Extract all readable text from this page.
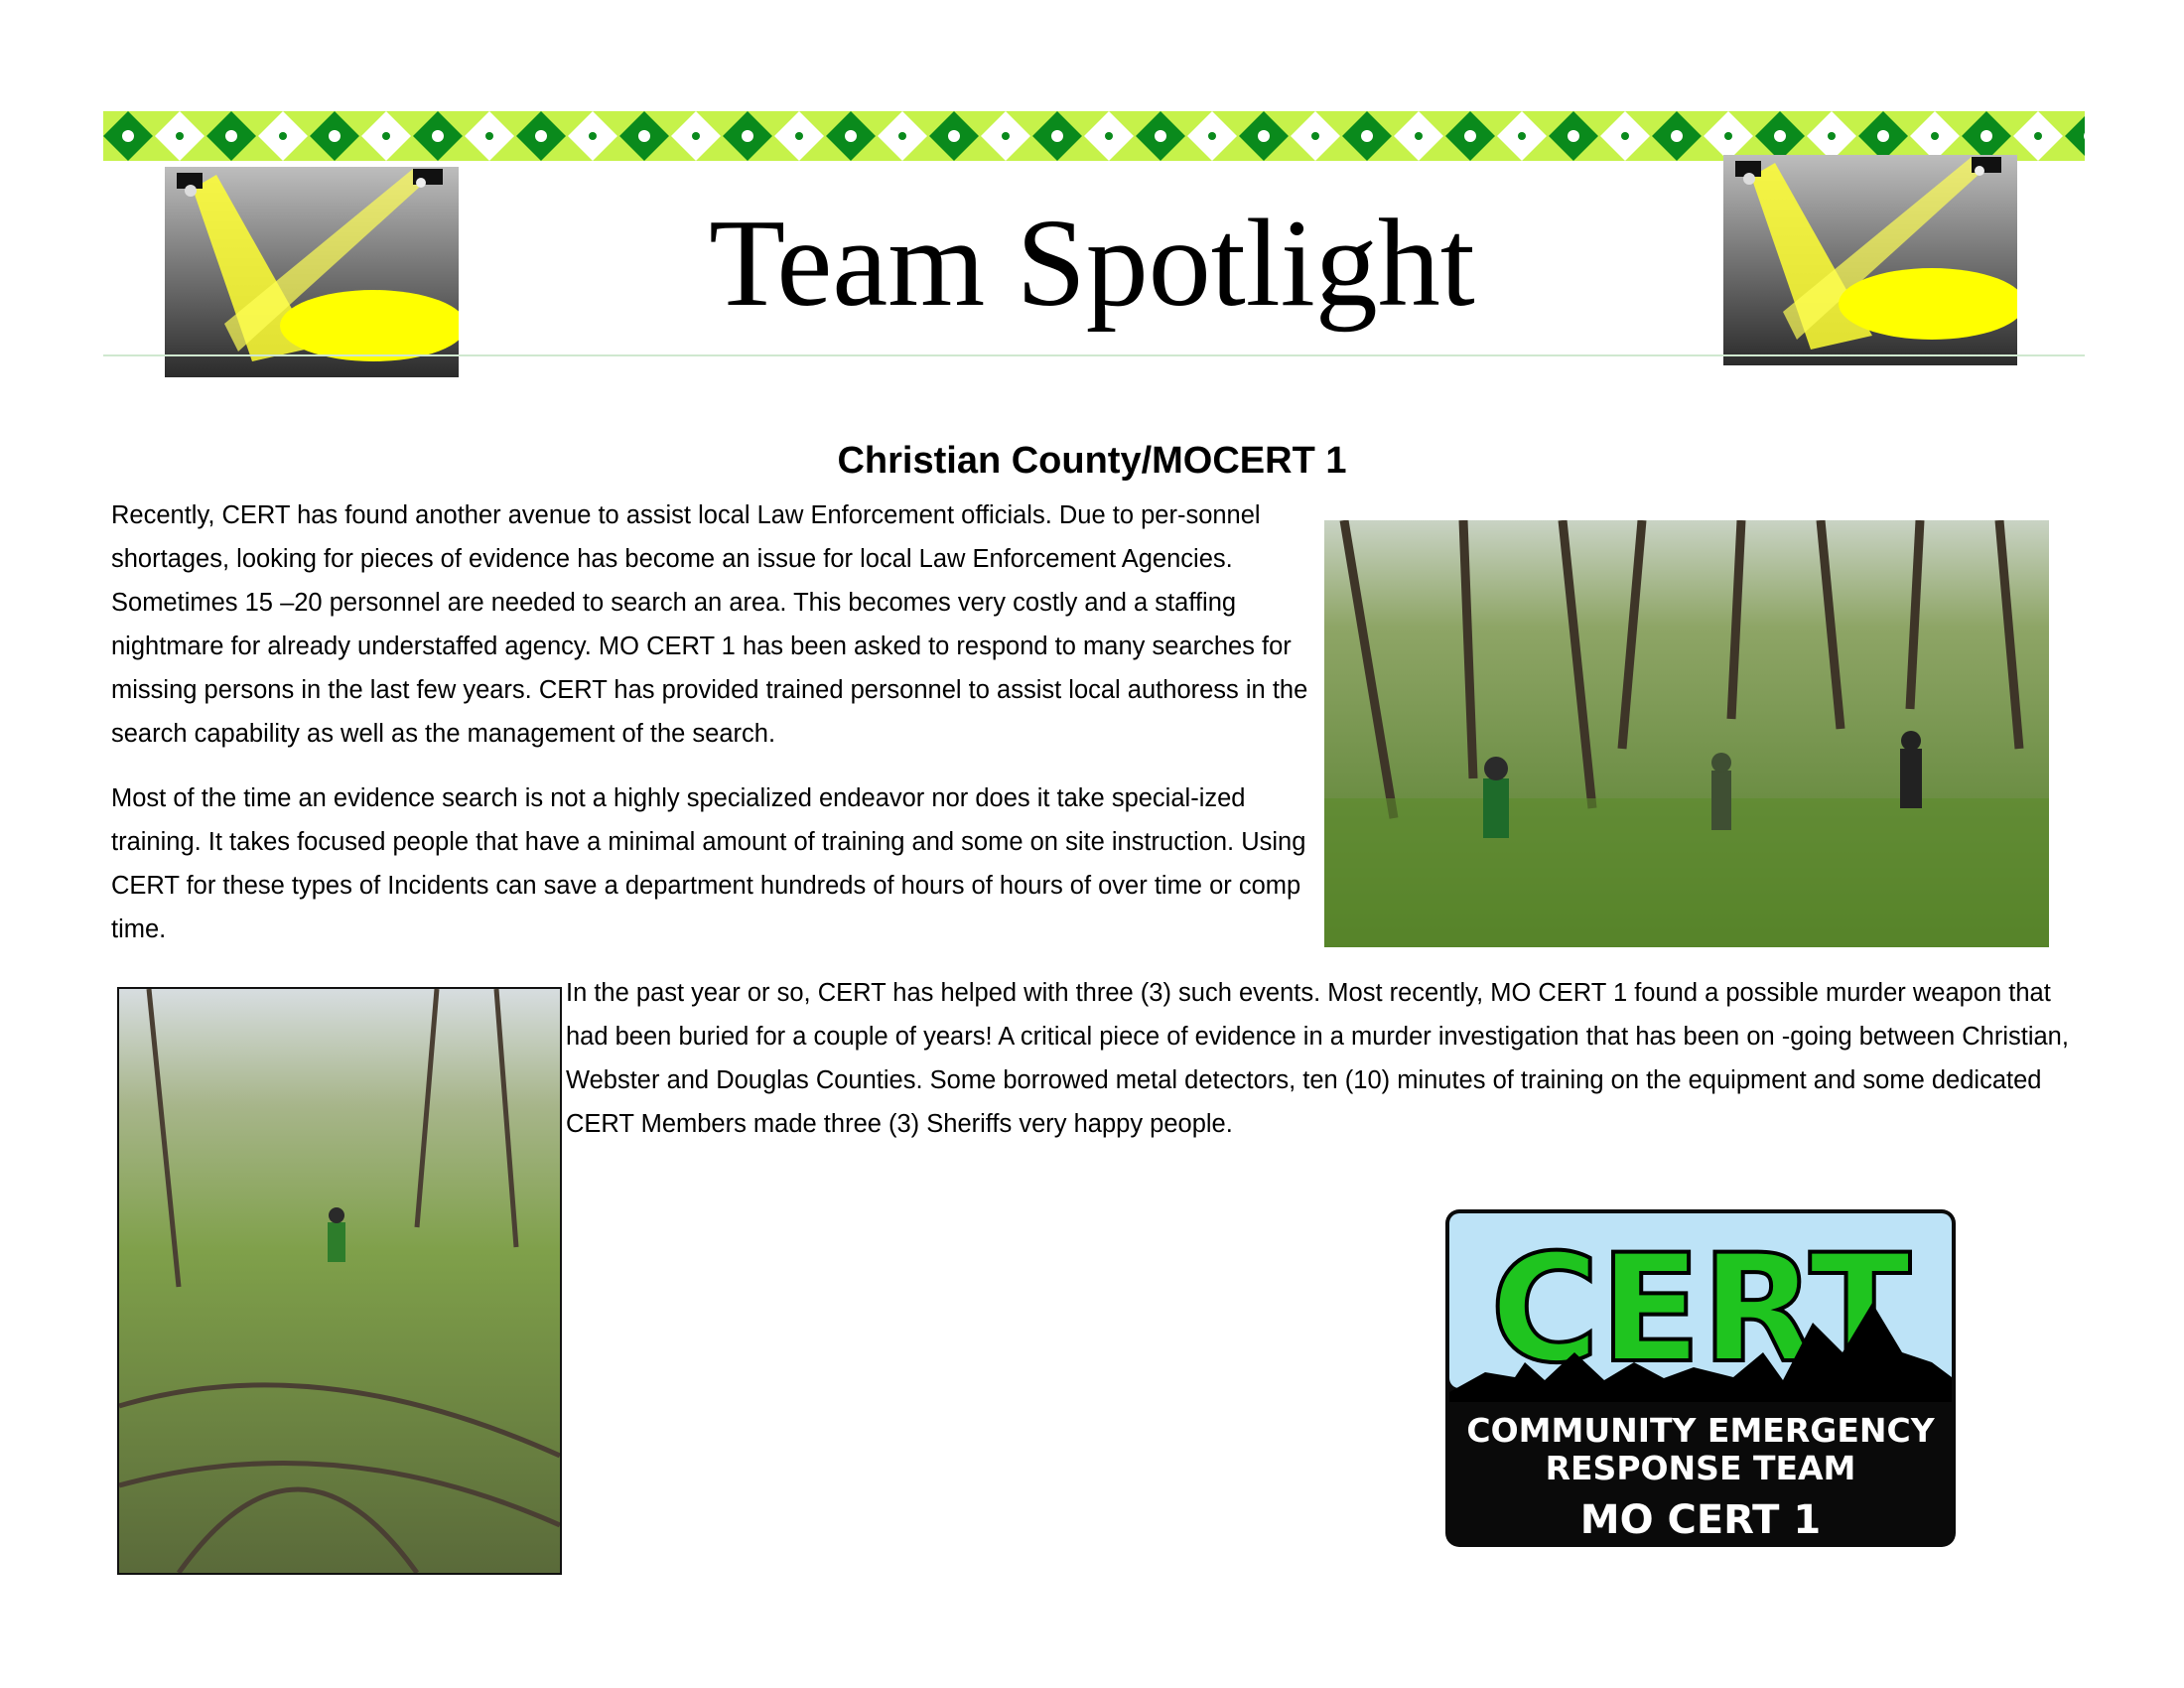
Team Spotlight
Christian County/MOCERT 1

Recently, CERT has found another avenue to assist local Law Enforcement officials. Due to per-sonnel shortages, looking for pieces of evidence has become an issue for local Law Enforcement Agencies. Sometimes 15 –20 personnel are needed to search an area. This becomes very costly and a staffing nightmare for already understaffed agency. MO CERT 1 has been asked to respond to many searches for missing persons in the last few years. CERT has provided trained personnel to assist local authoress in the search capability as well as the management of the search.

Most of the time an evidence search is not a highly specialized endeavor nor does it take special-ized training. It takes focused people that have a minimal amount of training and some on site instruction. Using CERT for these types of Incidents can save a department hundreds of hours of hours of over time or comp time.

In the past year or so, CERT has helped with three (3) such events. Most recently, MO CERT 1 found a possible murder weapon that had been buried for a couple of years! A critical piece of evidence in a murder investigation that has been on -going between Christian, Webster and Douglas Counties. Some borrowed metal detectors, ten (10) minutes of training on the equipment and some dedicated CERT Members made three (3) Sheriffs very happy people.

CERT
COMMUNITY EMERGENCY
RESPONSE TEAM
MO CERT 1
